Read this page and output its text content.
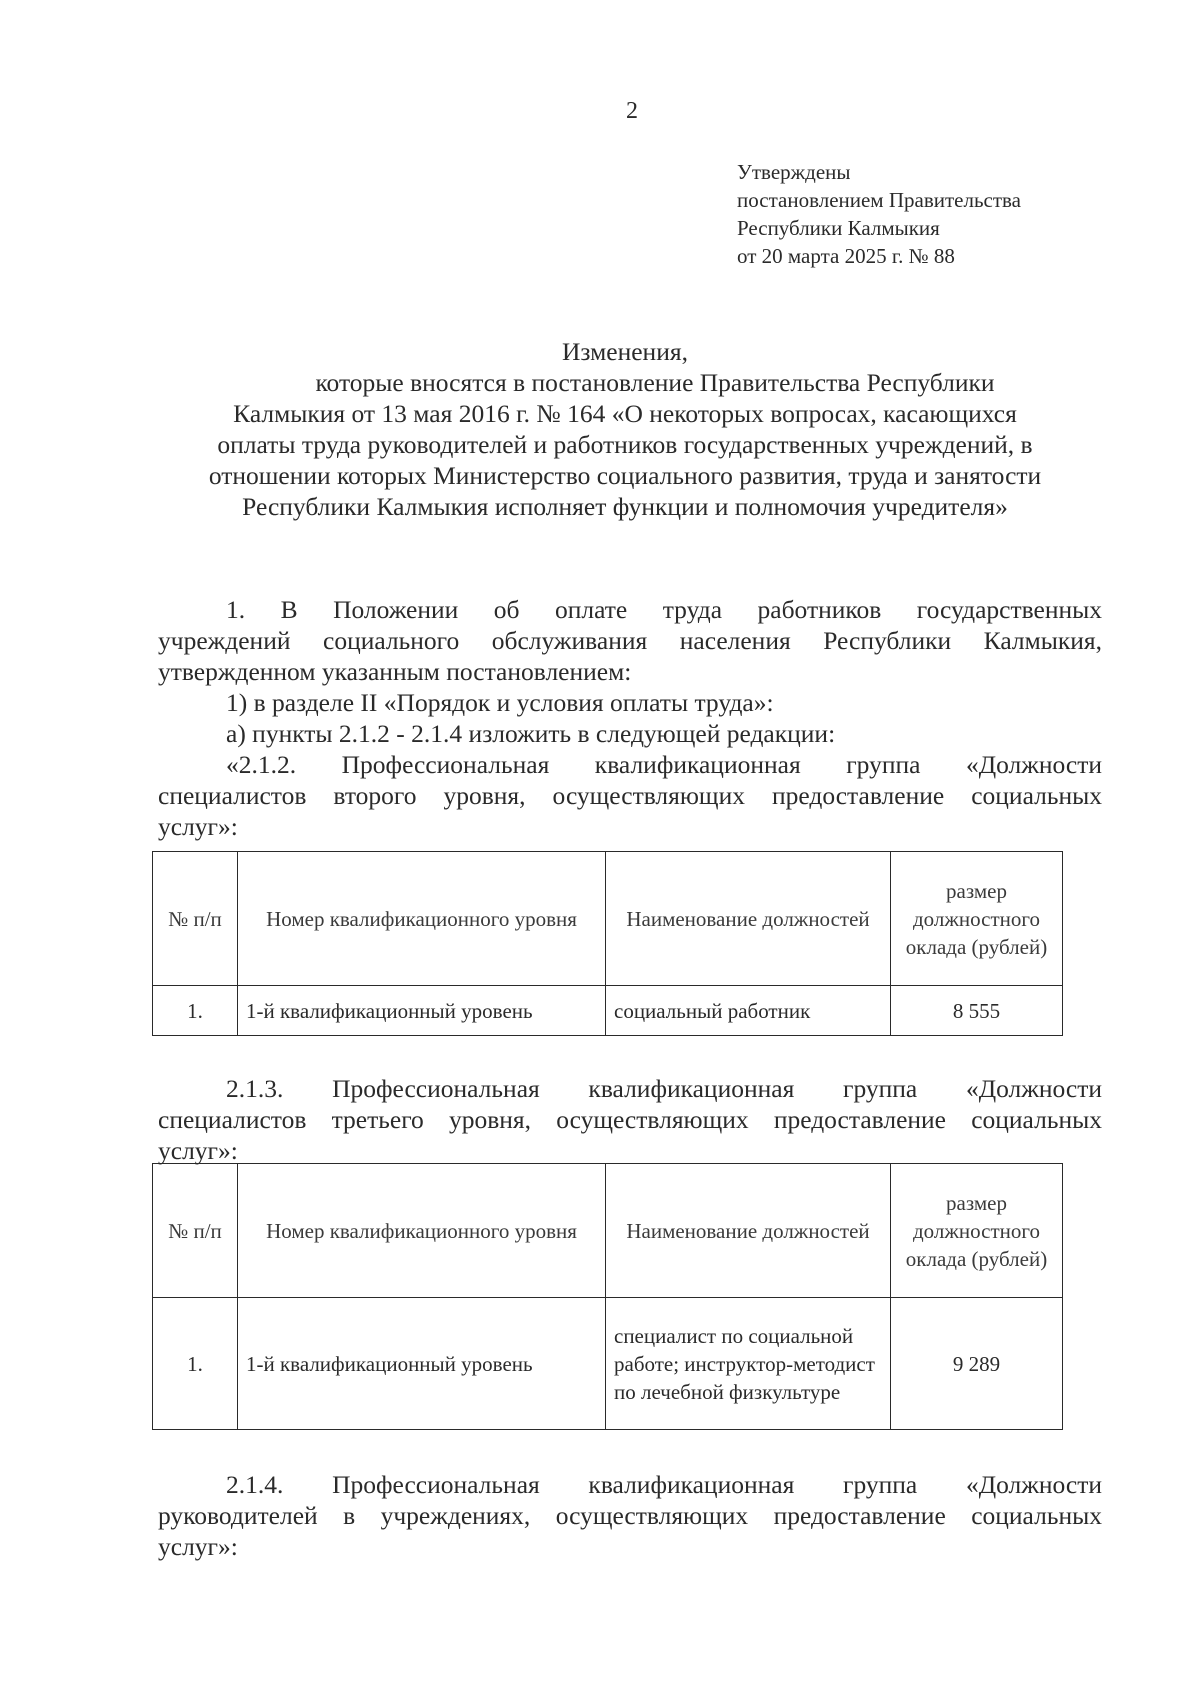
2
Утверждены
постановлением Правительства
Республики Калмыкия
от 20 марта 2025 г. № 88
Изменения,
которые вносятся в постановление Правительства Республики
Калмыкия от 13 мая 2016 г. № 164 «О некоторых вопросах, касающихся
оплаты труда руководителей и работников государственных учреждений, в
отношении которых Министерство социального развития, труда и занятости
Республики Калмыкия исполняет функции и полномочия учредителя»
1. В Положении об оплате труда работников государственных
учреждений социального обслуживания населения Республики Калмыкия,
утвержденном указанным постановлением:
1) в разделе II «Порядок и условия оплаты труда»:
а) пункты 2.1.2 - 2.1.4 изложить в следующей редакции:
«2.1.2. Профессиональная квалификационная группа «Должности
специалистов второго уровня, осуществляющих предоставление социальных
услуг»:
№ п/п	Номер квалификационного уровня	Наименование должностей	размер должностного оклада (рублей)
1.	1-й квалификационный уровень	социальный работник	8 555
2.1.3. Профессиональная квалификационная группа «Должности
специалистов третьего уровня, осуществляющих предоставление социальных
услуг»:
№ п/п	Номер квалификационного уровня	Наименование должностей	размер должностного оклада (рублей)
1.	1-й квалификационный уровень	специалист по социальной работе; инструктор-методист по лечебной физкультуре	9 289
2.1.4. Профессиональная квалификационная группа «Должности
руководителей в учреждениях, осуществляющих предоставление социальных
услуг»:
